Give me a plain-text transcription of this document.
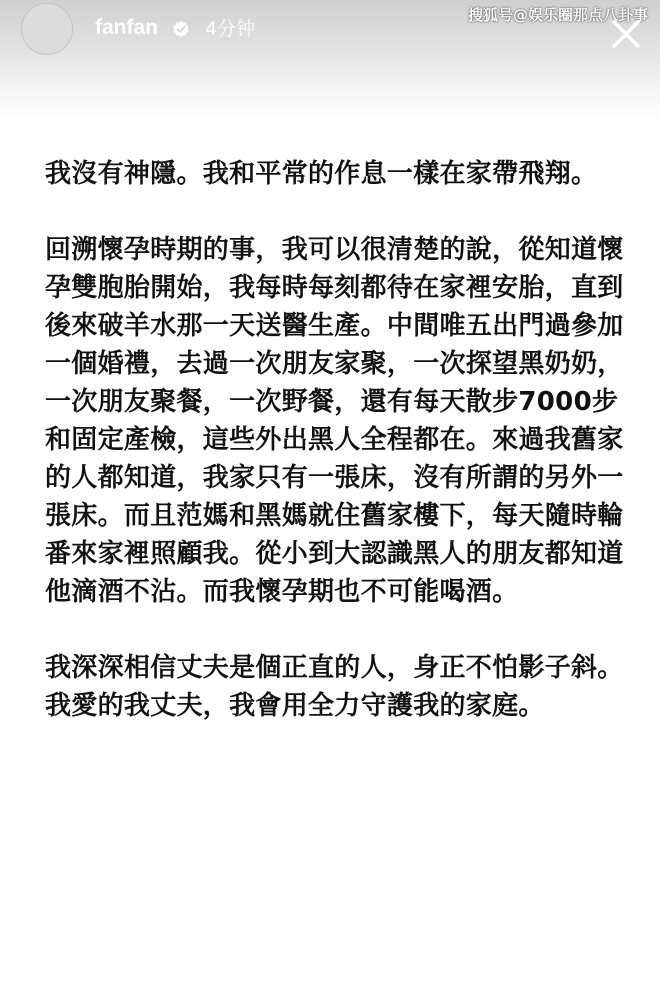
fanfan 4分钟
搜狐号@娱乐圈那点八卦事

我沒有神隱。我和平常的作息一樣在家帶飛翔。

回溯懷孕時期的事，我可以很清楚的說，從知道懷孕雙胞胎開始，我每時每刻都待在家裡安胎，直到後來破羊水那一天送醫生產。中間唯五出門過參加一個婚禮，去過一次朋友家聚，一次探望黑奶奶，一次朋友聚餐，一次野餐，還有每天散步7000步和固定產檢，這些外出黑人全程都在。來過我舊家的人都知道，我家只有一張床，沒有所謂的另外一張床。而且范媽和黑媽就住舊家樓下，每天隨時輪番來家裡照顧我。從小到大認識黑人的朋友都知道他滴酒不沾。而我懷孕期也不可能喝酒。

我深深相信丈夫是個正直的人，身正不怕影子斜。我愛的我丈夫，我會用全力守護我的家庭。
